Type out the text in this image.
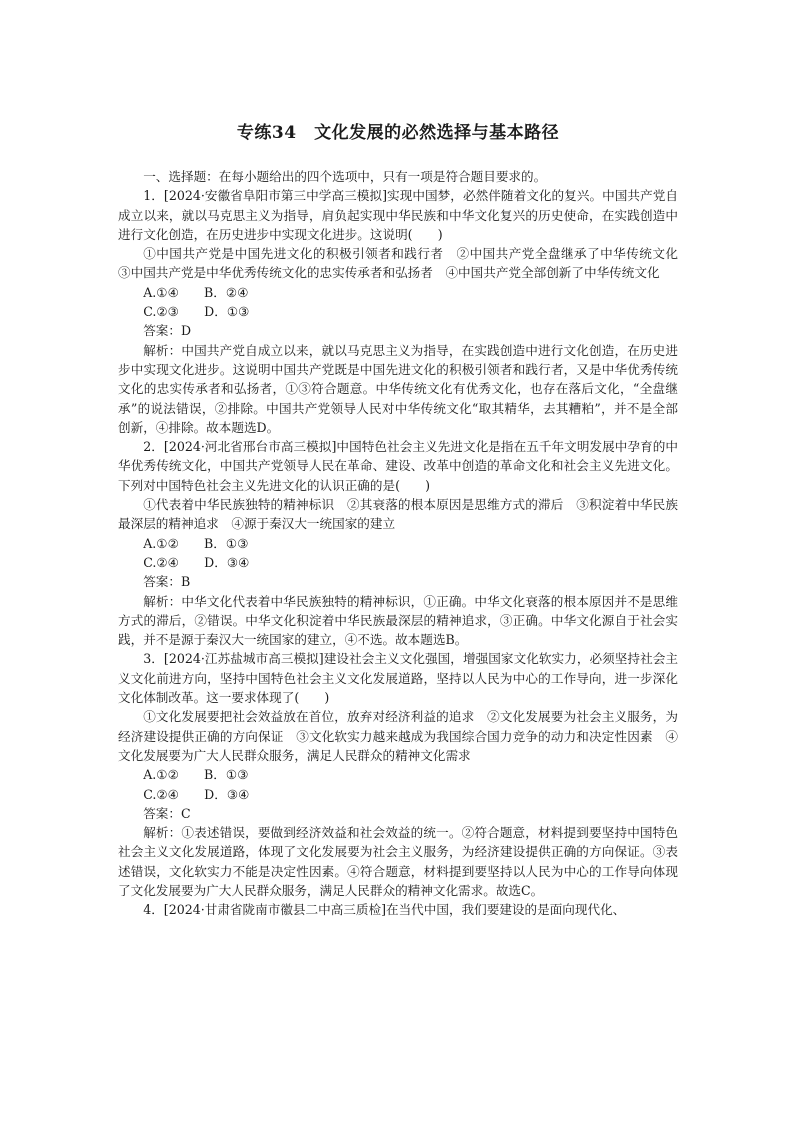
专练34　文化发展的必然选择与基本路径

一、选择题：在每小题给出的四个选项中，只有一项是符合题目要求的。

1．[2024·安徽省阜阳市第三中学高三模拟]实现中国梦，必然伴随着文化的复兴。中国共产党自成立以来，就以马克思主义为指导，肩负起实现中华民族和中华文化复兴的历史使命，在实践创造中进行文化创造，在历史进步中实现文化进步。这说明(　　)

①中国共产党是中国先进文化的积极引领者和践行者　②中国共产党全盘继承了中华传统文化　③中国共产党是中华优秀传统文化的忠实传承者和弘扬者　④中国共产党全部创新了中华传统文化

A.①④　　B．②④

C.②③　　D．①③

答案：D

解析：中国共产党自成立以来，就以马克思主义为指导，在实践创造中进行文化创造，在历史进步中实现文化进步。这说明中国共产党既是中国先进文化的积极引领者和践行者，又是中华优秀传统文化的忠实传承者和弘扬者，①③符合题意。中华传统文化有优秀文化，也存在落后文化，“全盘继承”的说法错误，②排除。中国共产党领导人民对中华传统文化“取其精华，去其糟粕”，并不是全部创新，④排除。故本题选D。

2．[2024·河北省邢台市高三模拟]中国特色社会主义先进文化是指在五千年文明发展中孕育的中华优秀传统文化，中国共产党领导人民在革命、建设、改革中创造的革命文化和社会主义先进文化。下列对中国特色社会主义先进文化的认识正确的是(　　)

①代表着中华民族独特的精神标识　②其衰落的根本原因是思维方式的滞后　③积淀着中华民族最深层的精神追求　④源于秦汉大一统国家的建立

A.①②　　B．①③

C.②④　　D．③④

答案：B

解析：中华文化代表着中华民族独特的精神标识，①正确。中华文化衰落的根本原因并不是思维方式的滞后，②错误。中华文化积淀着中华民族最深层的精神追求，③正确。中华文化源自于社会实践，并不是源于秦汉大一统国家的建立，④不选。故本题选B。

3．[2024·江苏盐城市高三模拟]建设社会主义文化强国，增强国家文化软实力，必须坚持社会主义文化前进方向，坚持中国特色社会主义文化发展道路，坚持以人民为中心的工作导向，进一步深化文化体制改革。这一要求体现了(　　)

①文化发展要把社会效益放在首位，放弃对经济利益的追求　②文化发展要为社会主义服务，为经济建设提供正确的方向保证　③文化软实力越来越成为我国综合国力竞争的动力和决定性因素　④文化发展要为广大人民群众服务，满足人民群众的精神文化需求

A.①②　　B．①③

C.②④　　D．③④

答案：C

解析：①表述错误，要做到经济效益和社会效益的统一。②符合题意，材料提到要坚持中国特色社会主义文化发展道路，体现了文化发展要为社会主义服务，为经济建设提供正确的方向保证。③表述错误，文化软实力不能是决定性因素。④符合题意，材料提到要坚持以人民为中心的工作导向体现了文化发展要为广大人民群众服务，满足人民群众的精神文化需求。故选C。

4．[2024·甘肃省陇南市徽县二中高三质检]在当代中国，我们要建设的是面向现代化、
